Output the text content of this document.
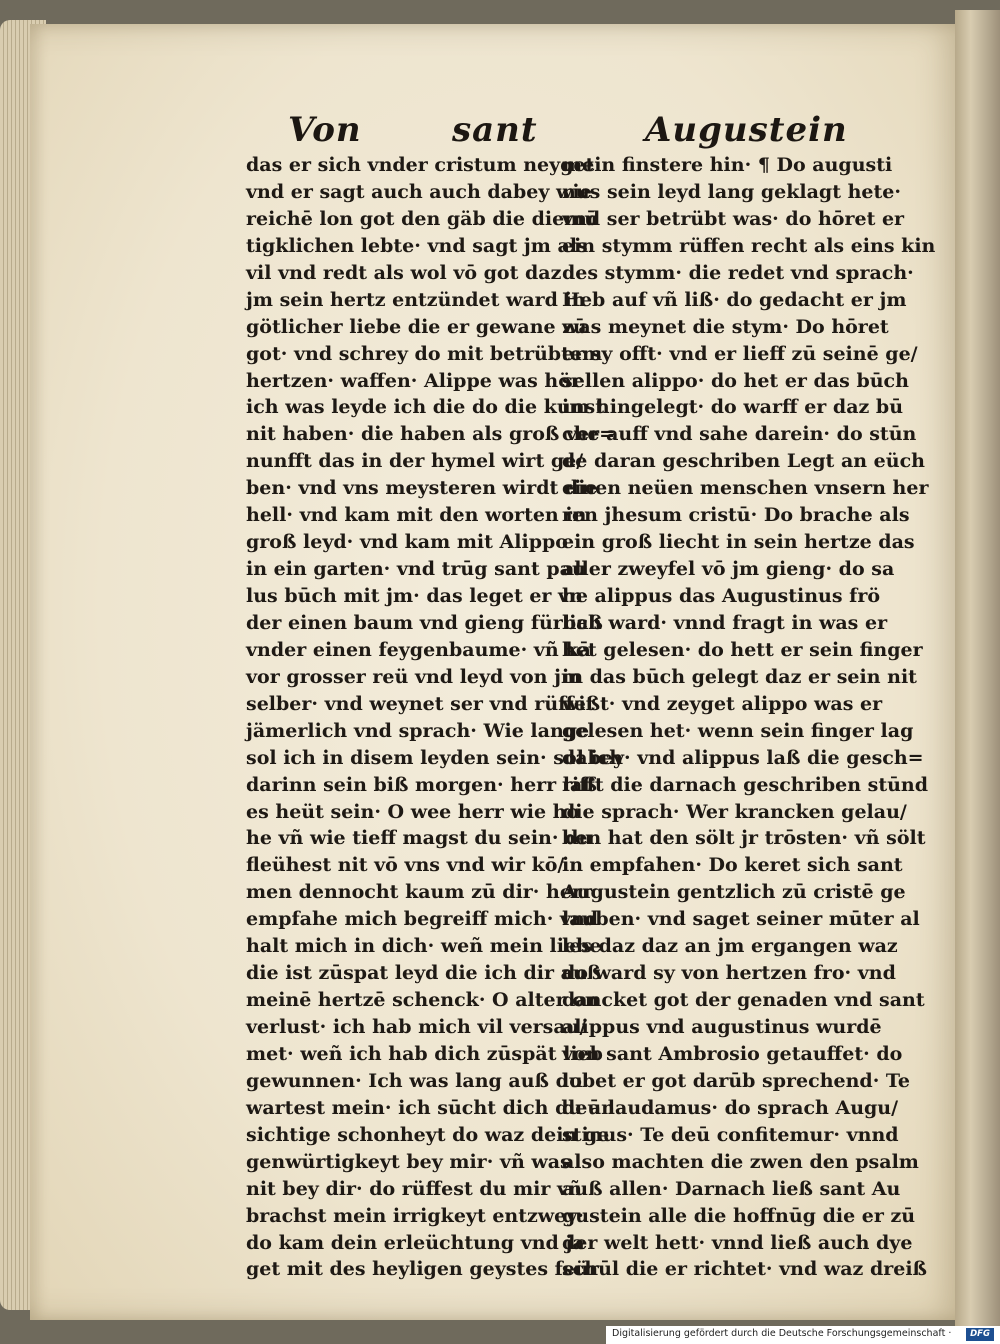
Von	sant	Augustein
das er sich vnder cristum neyget
vnd er sagt auch auch dabey wie
reichē lon got den gäb die diemū
tigklichen lebte· vnd sagt jm als
vil vnd redt als wol vō got daz
jm sein hertz entzündet ward in
götlicher liebe die er gewane zū
got· vnd schrey do mit betrübtem
hertzen· waffen· Alippe was hör
ich was leyde ich die do die kunst
nit haben· die haben als groß ver=
nunfft das in der hymel wirt ge/
ben· vnd vns meysteren wirdt die
hell· vnd kam mit den worten in
groß leyd· vnd kam mit Alippo
in ein garten· vnd trūg sant pau
lus būch mit jm· das leget er vn
der einen baum vnd gieng fürbaß
vnder einen feygenbaume· vñ kā
vor grosser reü vnd leyd von jm
selber· vnd weynet ser vnd rüffet
jämerlich vnd sprach· Wie lange
sol ich in disem leyden sein· sol ich
darinn sein biß morgen· herr laß
es heüt sein· O wee herr wie ho
he vñ wie tieff magst du sein· du
fleühest nit vō vns vnd wir kō/
men dennocht kaum zū dir· herr
empfahe mich begreiff mich· vnd
halt mich in dich· weñ mein liebe
die ist zūspat leyd die ich dir auß
meinē hertzē schenck· O alter on
verlust· ich hab mich vil versau/
met· weñ ich hab dich zūspät lieb
gewunnen· Ich was lang auß du
wartest mein· ich sūcht dich du an
sichtige schonheyt do waz dein ge
genwürtigkeyt bey mir· vñ was
nit bey dir· do rüffest du mir vñ
brachst mein irrigkeyt entzwey·
do kam dein erleüchtung vnd ja
get mit des heyligen geystes feür
mein finstere hin· ¶ Do augusti
nus sein leyd lang geklagt hete·
vnd ser betrübt was· do hōret er
ein stymm rüffen recht als eins kin
des stymm· die redet vnd sprach·
Heb auf vñ liß· do gedacht er jm
was meynet die stym· Do hōret
er sy offt· vnd er lieff zū seinē ge/
sellen alippo· do het er das būch
im hingelegt· do warff er daz bū
che auff vnd sahe darein· do stūn
de daran geschriben Legt an eüch
einen neüen menschen vnsern her
ren jhesum cristū· Do brache als
ein groß liecht in sein hertze das
aller zweyfel vō jm gieng· do sa
he alippus das Augustinus frö
lich ward· vnnd fragt in was er
het gelesen· do hett er sein finger
in das būch gelegt daz er sein nit
wißt· vnd zeyget alippo was er
gelesen het· wenn sein finger lag
dabey· vnd alippus laß die gesch=
rifft die darnach geschriben stūnd
die sprach· Wer krancken gelau/
ben hat den sölt jr trōsten· vñ sölt
in empfahen· Do keret sich sant
Augustein gentzlich zū cristē ge
lauben· vnd saget seiner mūter al
les daz daz an jm ergangen waz
do ward sy von hertzen fro· vnd
dancket got der genaden vnd sant
alippus vnd augustinus wurdē
von sant Ambrosio getauffet· do
lobet er got darūb sprechend· Te
deū laudamus· do sprach Augu/
stinus· Te deū confitemur· vnnd
also machten die zwen den psalm
auß allen· Darnach ließ sant Au
gustein alle die hoffnūg die er zū
der welt hett· vnnd ließ auch dye
schūl die er richtet· vnd waz dreiß
Digitalisierung gefördert durch die Deutsche Forschungsgemeinschaft ·	DFG
